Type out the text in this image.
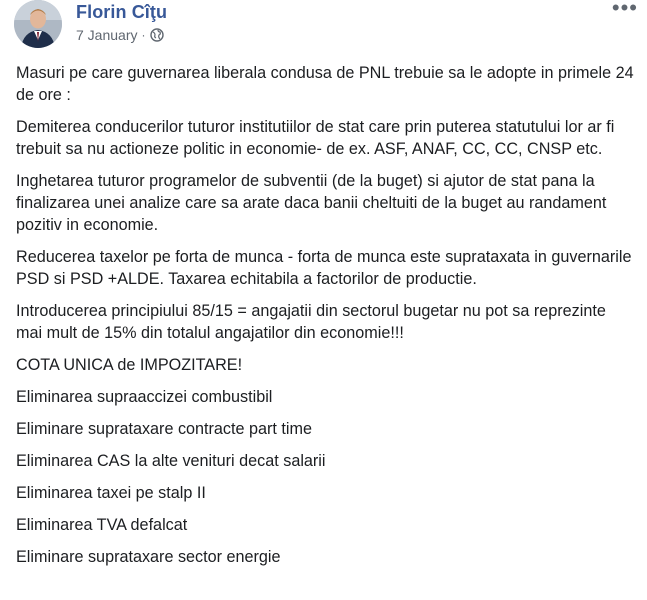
Florin Cîţu
7 January ·
•••

Masuri pe care guvernarea liberala condusa de PNL trebuie sa le adopte in primele 24 de ore :

Demiterea conducerilor tuturor institutiilor de stat care prin puterea statutului lor ar fi trebuit sa nu actioneze politic in economie- de ex. ASF, ANAF, CC, CC, CNSP etc.

Inghetarea tuturor programelor de subventii (de la buget) si ajutor de stat pana la finalizarea unei analize care sa arate daca banii cheltuiti de la buget au randament pozitiv in economie.

Reducerea taxelor pe forta de munca - forta de munca este suprataxata in guvernarile PSD si PSD +ALDE. Taxarea echitabila a factorilor de productie.

Introducerea principiului 85/15 = angajatii din sectorul bugetar nu pot sa reprezinte mai mult de 15% din totalul angajatilor din economie!!!

COTA UNICA de IMPOZITARE!

Eliminarea supraaccizei combustibil

Eliminare suprataxare contracte part time

Eliminarea CAS la alte venituri decat salarii

Eliminarea taxei pe stalp II

Eliminarea TVA defalcat

Eliminare suprataxare sector energie
